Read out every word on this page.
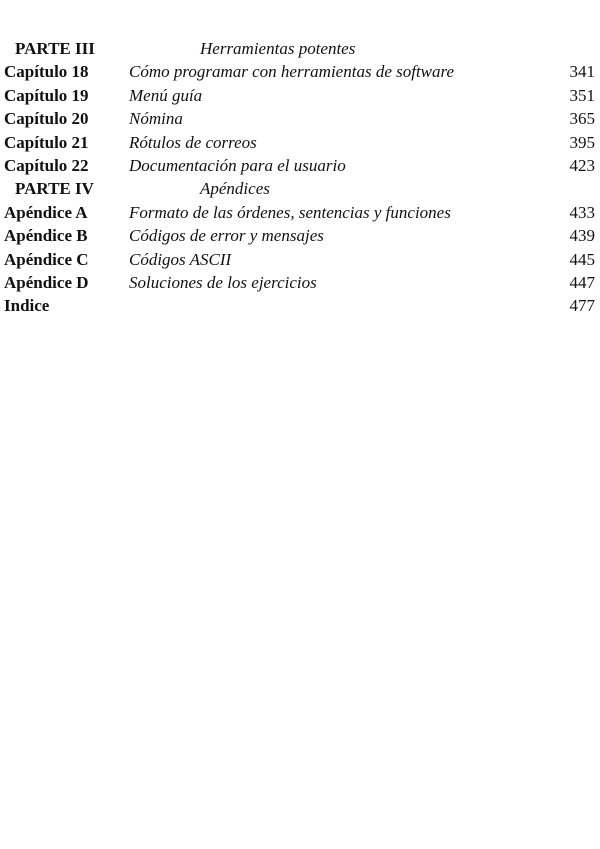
PARTE III	Herramientas potentes
Capítulo 18 Cómo programar con herramientas de software	341
Capítulo 19 Menú guía	351
Capítulo 20 Nómina	365
Capítulo 21 Rótulos de correos	395
Capítulo 22 Documentación para el usuario	423
PARTE IV	Apéndices
Apéndice A Formato de las órdenes, sentencias y funciones	433
Apéndice B Códigos de error y mensajes	439
Apéndice C Códigos ASCII	445
Apéndice D Soluciones de los ejercicios	447
Indice	477
